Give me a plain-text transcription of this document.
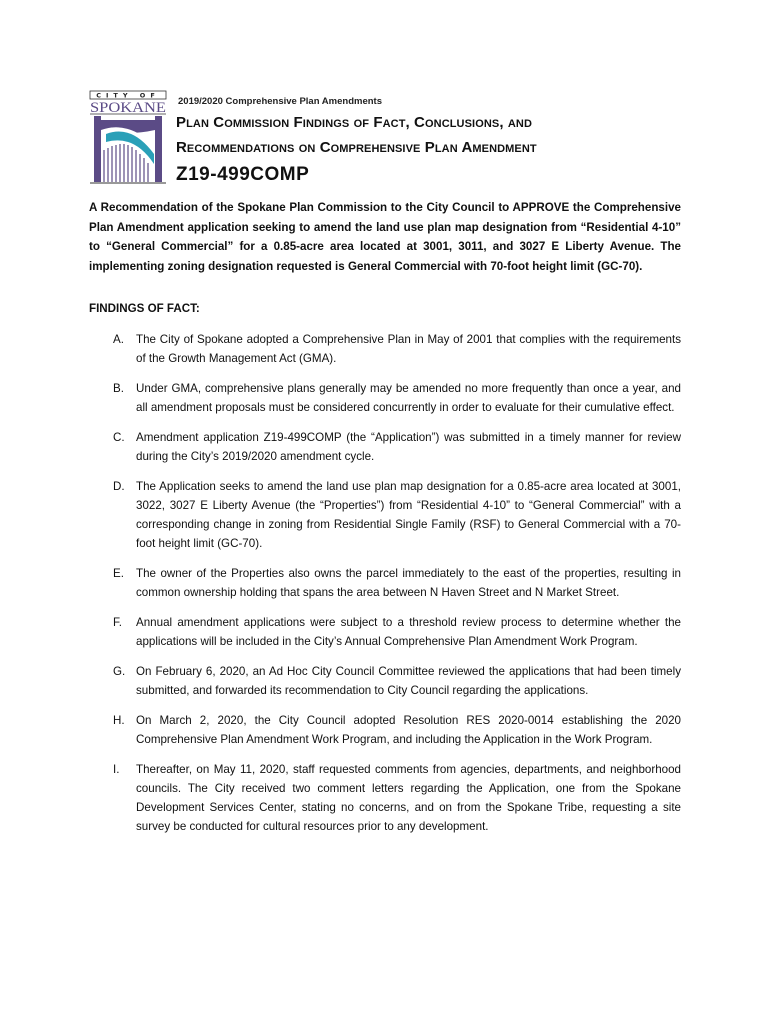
CITY OF
SPOKANE 2019/2020 Comprehensive Plan Amendments
Plan Commission Findings of Fact, Conclusions, and
Recommendations on Comprehensive Plan Amendment
Z19-499COMP
A Recommendation of the Spokane Plan Commission to the City Council to APPROVE the Comprehensive Plan Amendment application seeking to amend the land use plan map designation from “Residential 4-10” to “General Commercial” for a 0.85-acre area located at 3001, 3011, and 3027 E Liberty Avenue. The implementing zoning designation requested is General Commercial with 70-foot height limit (GC-70).
FINDINGS OF FACT:
A.	The City of Spokane adopted a Comprehensive Plan in May of 2001 that complies with the requirements of the Growth Management Act (GMA).
B.	Under GMA, comprehensive plans generally may be amended no more frequently than once a year, and all amendment proposals must be considered concurrently in order to evaluate for their cumulative effect.
C. Amendment application Z19-499COMP (the “Application”) was submitted in a timely manner for review during the City’s 2019/2020 amendment cycle.
D. The Application seeks to amend the land use plan map designation for a 0.85-acre area located at 3001, 3022, 3027 E Liberty Avenue (the “Properties”) from “Residential 4-10” to “General Commercial” with a corresponding change in zoning from Residential Single Family (RSF) to General Commercial with a 70-foot height limit (GC-70).
E.	The owner of the Properties also owns the parcel immediately to the east of the properties, resulting in common ownership holding that spans the area between N Haven Street and N Market Street.
F.	Annual amendment applications were subject to a threshold review process to determine whether the applications will be included in the City’s Annual Comprehensive Plan Amendment Work Program.
G. On February 6, 2020, an Ad Hoc City Council Committee reviewed the applications that had been timely submitted, and forwarded its recommendation to City Council regarding the applications.
H. On March 2, 2020, the City Council adopted Resolution RES 2020-0014 establishing the 2020 Comprehensive Plan Amendment Work Program, and including the Application in the Work Program.
I.	Thereafter, on May 11, 2020, staff requested comments from agencies, departments, and neighborhood councils. The City received two comment letters regarding the Application, one from the Spokane Development Services Center, stating no concerns, and on from the Spokane Tribe, requesting a site survey be conducted for cultural resources prior to any development.
